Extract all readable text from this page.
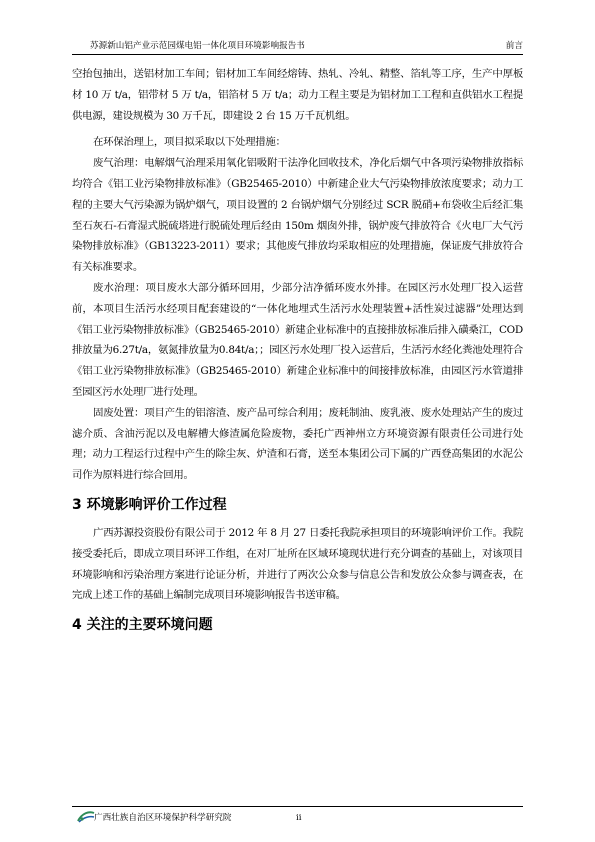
苏源新山铝产业示范园煤电铝一体化项目环境影响报告书	前言

空抬包抽出，送铝材加工车间；铝材加工车间经熔铸、热轧、冷轧、精整、箔轧等工序，生产中厚板材 10 万 t/a，铝带材 5 万 t/a，铝箔材 5 万 t/a；动力工程主要是为铝材加工工程和直供铝水工程提供电源，建设规模为 30 万千瓦，即建设 2 台 15 万千瓦机组。

在环保治理上，项目拟采取以下处理措施：

废气治理：电解烟气治理采用氧化铝吸附干法净化回收技术，净化后烟气中各项污染物排放指标均符合《铝工业污染物排放标准》（GB25465-2010）中新建企业大气污染物排放浓度要求；动力工程的主要大气污染源为锅炉烟气，项目设置的 2 台锅炉烟气分别经过 SCR 脱硝+布袋收尘后经汇集至石灰石-石膏湿式脱硫塔进行脱硫处理后经由 150m 烟囱外排，锅炉废气排放符合《火电厂大气污染物排放标准》（GB13223-2011）要求；其他废气排放均采取相应的处理措施，保证废气排放符合有关标准要求。

废水治理：项目废水大部分循环回用，少部分洁净循环废水外排。在园区污水处理厂投入运营前，本项目生活污水经项目配套建设的“一体化地埋式生活污水处理装置+活性炭过滤器”处理达到《铝工业污染物排放标准》（GB25465-2010）新建企业标准中的直接排放标准后排入磺桑江，COD 排放量为6.27t/a，氨氮排放量为0.84t/a；；园区污水处理厂投入运营后，生活污水经化粪池处理符合《铝工业污染物排放标准》（GB25465-2010）新建企业标准中的间接排放标准，由园区污水管道排至园区污水处理厂进行处理。

固废处置：项目产生的铝溶渣、废产品可综合利用；废耗制油、废乳液、废水处理站产生的废过滤介质、含油污泥以及电解槽大修渣属危险废物，委托广西神州立方环境资源有限责任公司进行处理；动力工程运行过程中产生的除尘灰、炉渣和石膏，送至本集团公司下属的广西登高集团的水泥公司作为原料进行综合回用。

3 环境影响评价工作过程

广西苏源投资股份有限公司于 2012 年 8 月 27 日委托我院承担项目的环境影响评价工作。我院接受委托后，即成立项目环评工作组，在对厂址所在区域环境现状进行充分调查的基础上，对该项目环境影响和污染治理方案进行论证分析，并进行了两次公众参与信息公告和发放公众参与调查表，在完成上述工作的基础上编制完成项目环境影响报告书送审稿。

4 关注的主要环境问题
广西壮族自治区环境保护科学研究院	ii
